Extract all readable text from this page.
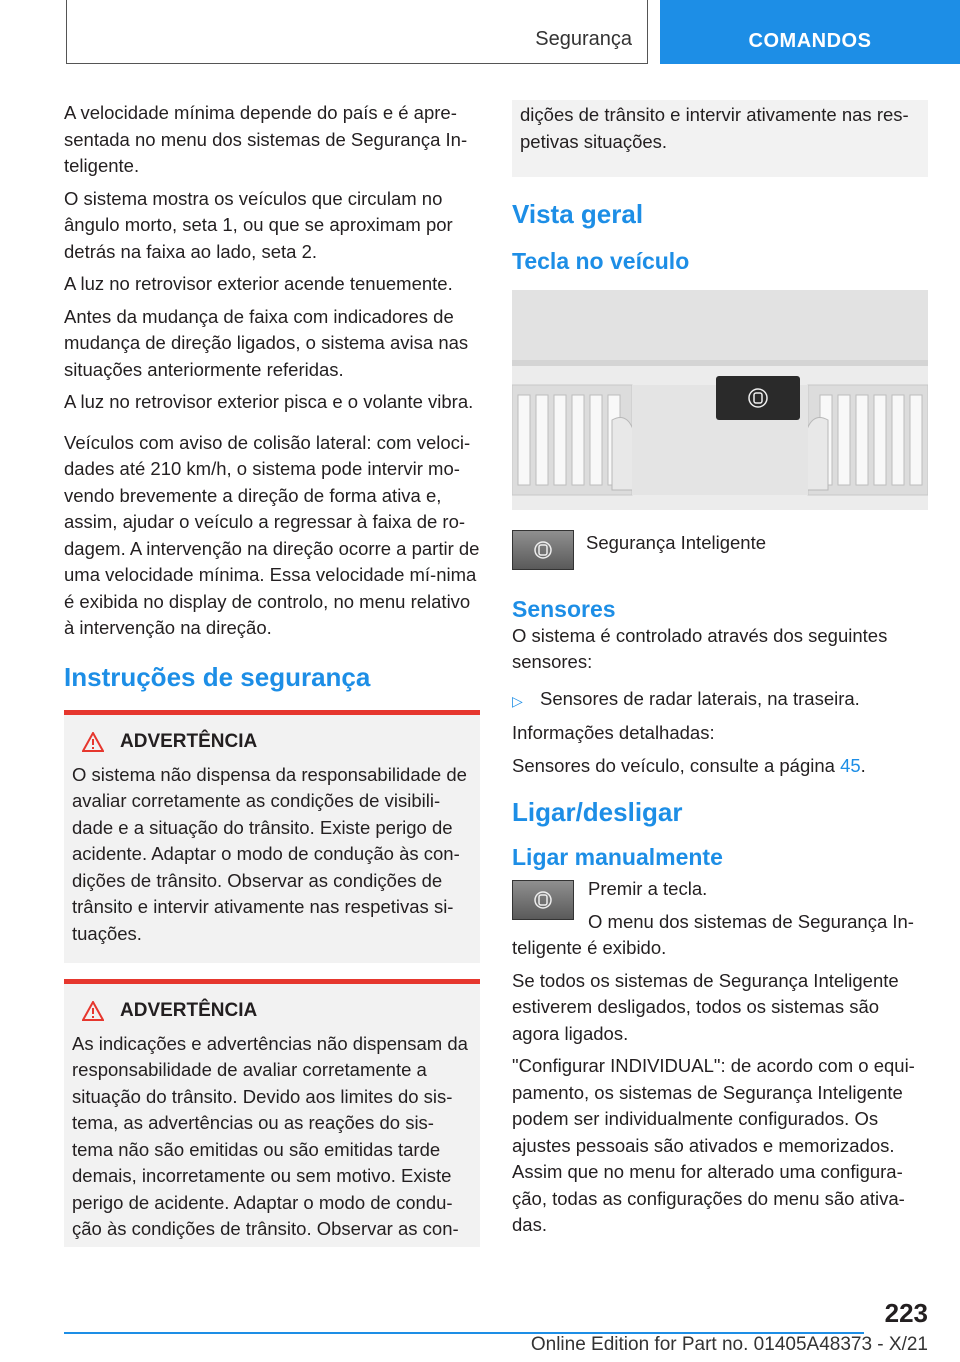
Segurança	COMANDOS

A velocidade mínima depende do país e é apre-sentada no menu dos sistemas de Segurança In-teligente.

O sistema mostra os veículos que circulam no ângulo morto, seta 1, ou que se aproximam por detrás na faixa ao lado, seta 2.

A luz no retrovisor exterior acende tenuemente.

Antes da mudança de faixa com indicadores de mudança de direção ligados, o sistema avisa nas situações anteriormente referidas.

A luz no retrovisor exterior pisca e o volante vibra.

Veículos com aviso de colisão lateral: com veloci-dades até 210 km/h, o sistema pode intervir mo-vendo brevemente a direção de forma ativa e, assim, ajudar o veículo a regressar à faixa de ro-dagem. A intervenção na direção ocorre a partir de uma velocidade mínima. Essa velocidade mí-nima é exibida no display de controlo, no menu relativo à intervenção na direção.

Instruções de segurança
ADVERTÊNCIA
O sistema não dispensa da responsabilidade de avaliar corretamente as condições de visibili-dade e a situação do trânsito. Existe perigo de acidente. Adaptar o modo de condução às con-dições de trânsito. Observar as condições de trânsito e intervir ativamente nas respetivas si-tuações.
ADVERTÊNCIA
As indicações e advertências não dispensam da responsabilidade de avaliar corretamente a situação do trânsito. Devido aos limites do sis-tema, as advertências ou as reações do sis-tema não são emitidas ou são emitidas tarde demais, incorretamente ou sem motivo. Existe perigo de acidente. Adaptar o modo de condu-ção às condições de trânsito. Observar as con-
dições de trânsito e intervir ativamente nas res-petivas situações.
Vista geral
Tecla no veículo
Segurança Inteligente
Sensores

O sistema é controlado através dos seguintes sensores:

▷ Sensores de radar laterais, na traseira.

Informações detalhadas:

Sensores do veículo, consulte a página 45.

Ligar/desligar
Ligar manualmente

Premir a tecla.

O menu dos sistemas de Segurança In-teligente é exibido.

Se todos os sistemas de Segurança Inteligente estiverem desligados, todos os sistemas são agora ligados.

"Configurar INDIVIDUAL": de acordo com o equi-pamento, os sistemas de Segurança Inteligente podem ser individualmente configurados. Os ajustes pessoais são ativados e memorizados. Assim que no menu for alterado uma configura-ção, todas as configurações do menu são ativa-das.

223
Online Edition for Part no. 01405A48373 - X/21
